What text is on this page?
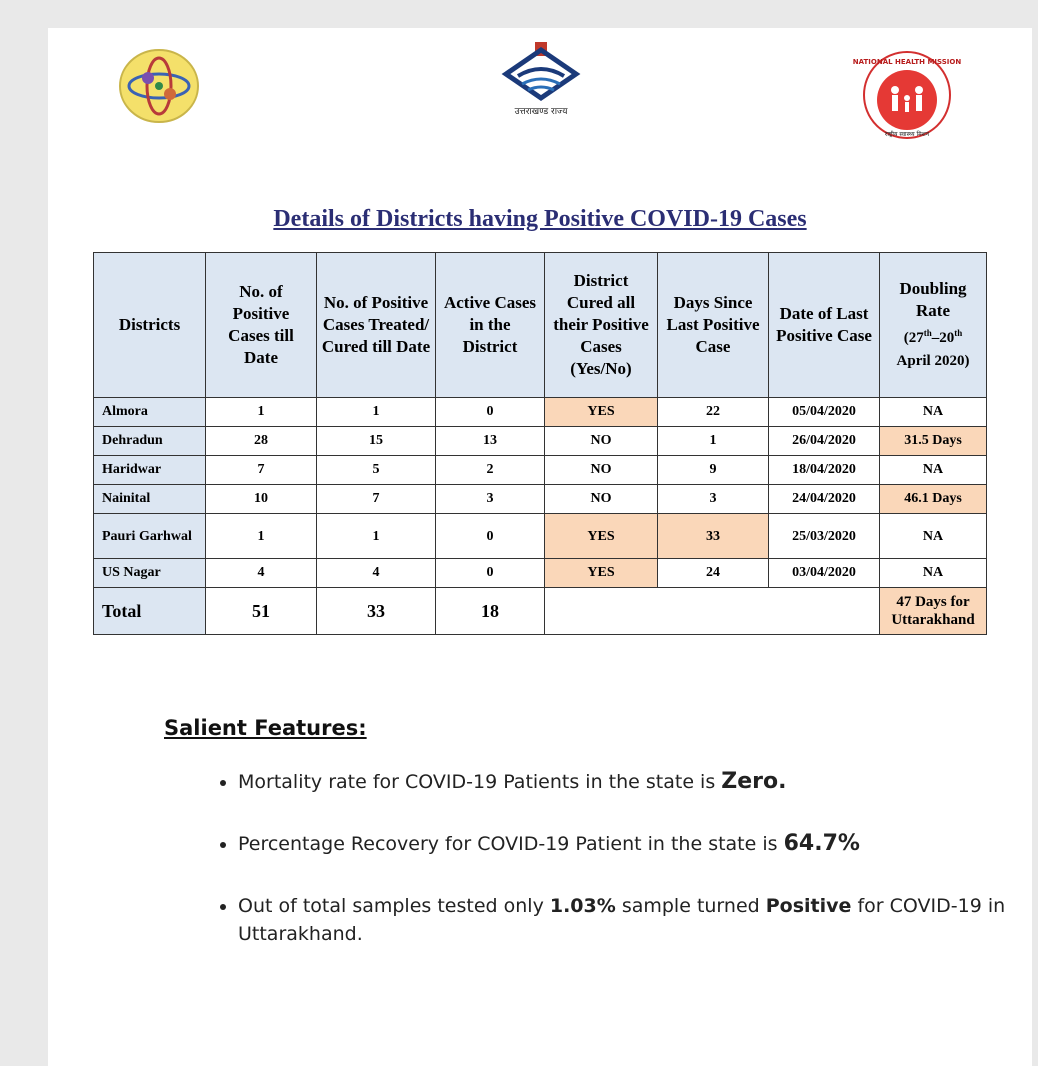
उत्तराखण्ड राज्य
NATIONAL HEALTH MISSION
राष्ट्रीय स्वास्थ्य मिशन
Details of Districts having Positive COVID-19 Cases
Districts	No. of Positive Cases till Date	No. of Positive Cases Treated/ Cured till Date	Active Cases in the District	District Cured all their Positive Cases (Yes/No)	Days Since Last Positive Case	Date of Last Positive Case	Doubling Rate
(27th–20th
April 2020)
Almora	1	1	0	YES	22	05/04/2020	NA
Dehradun	28	15	13	NO	1	26/04/2020	31.5 Days
Haridwar	7	5	2	NO	9	18/04/2020	NA
Nainital	10	7	3	NO	3	24/04/2020	46.1 Days
Pauri Garhwal	1	1	0	YES	33	25/03/2020	NA
US Nagar	4	4	0	YES	24	03/04/2020	NA
Total	51	33	18				47 Days for Uttarakhand
Salient Features:
• Mortality rate for COVID-19 Patients in the state is Zero.
• Percentage Recovery for COVID-19 Patient in the state is 64.7%
• Out of total samples tested only 1.03% sample turned Positive for COVID-19 in Uttarakhand.
